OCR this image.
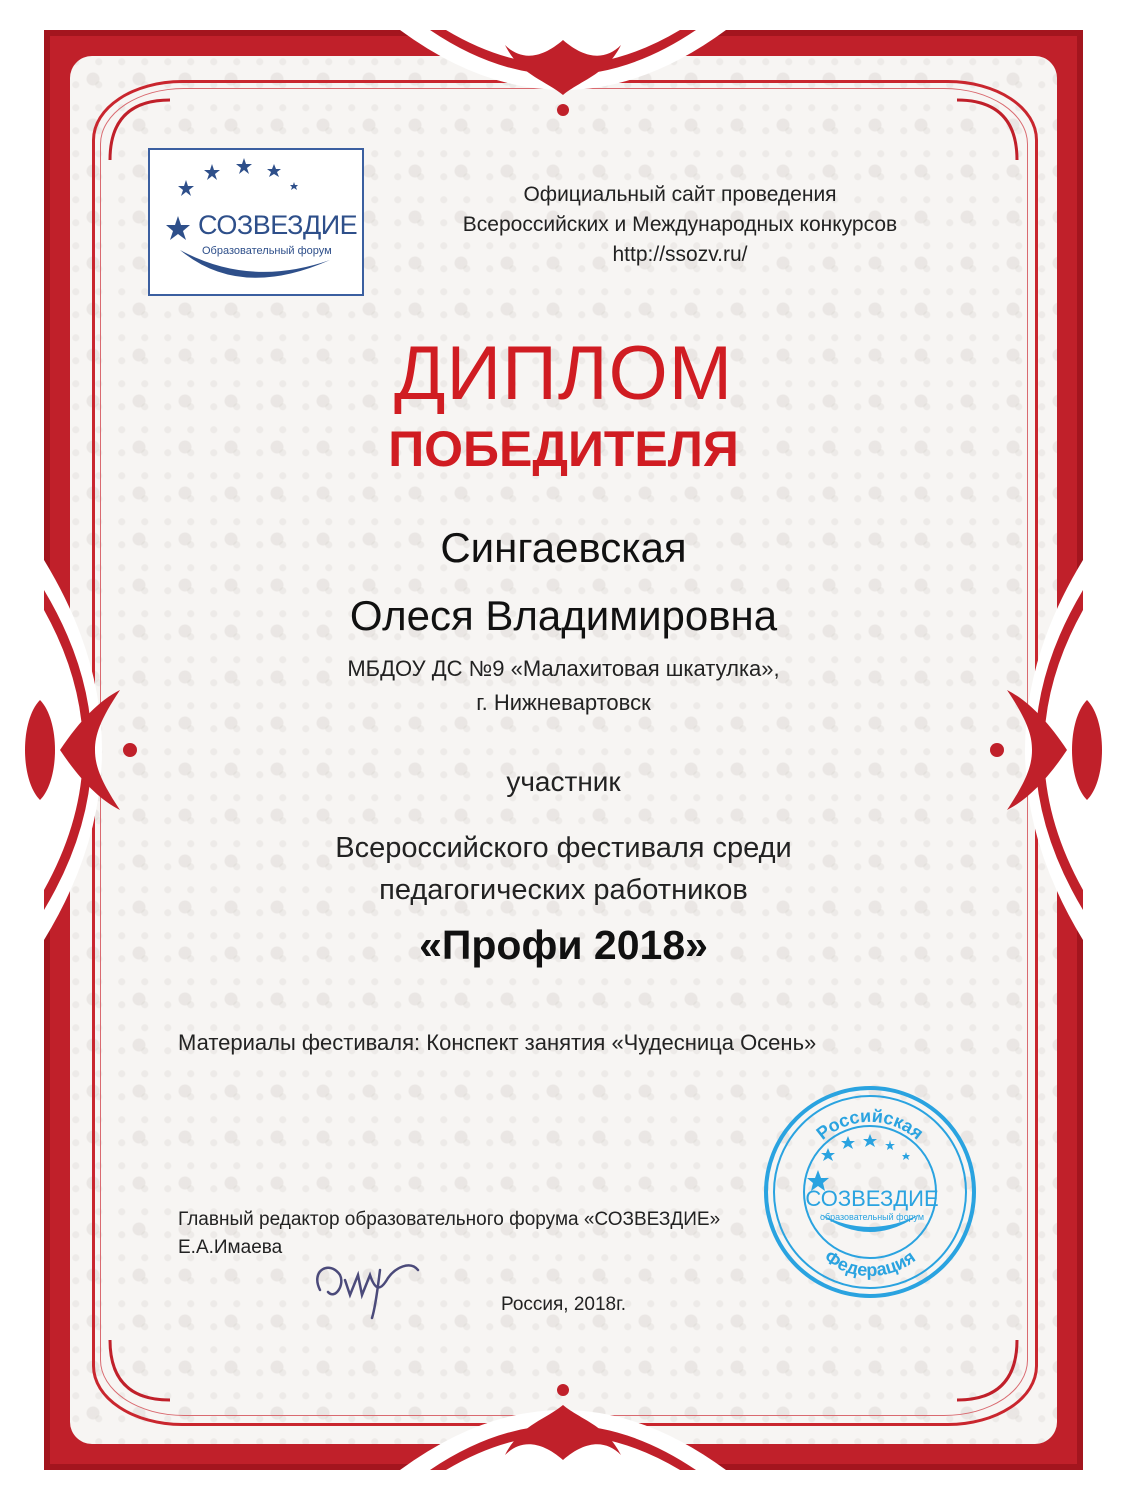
СОЗВЕЗДИЕ
Образовательный форум
Официальный сайт проведения
Всероссийских и Международных конкурсов
http://ssozv.ru/
ДИПЛОМ
ПОБЕДИТЕЛЯ
Сингаевская
Олеся Владимировна
МБДОУ ДС №9 «Малахитовая шкатулка»,
г. Нижневартовск
участник
Всероссийского фестиваля среди
педагогических работников
«Профи 2018»
Материалы фестиваля: Конспект занятия «Чудесница Осень»
Главный редактор образовательного форума «СОЗВЕЗДИЕ»
Е.А.Имаева
Россия, 2018г.
Российская
Федерация
СОЗВЕЗДИЕ
образовательный форум
